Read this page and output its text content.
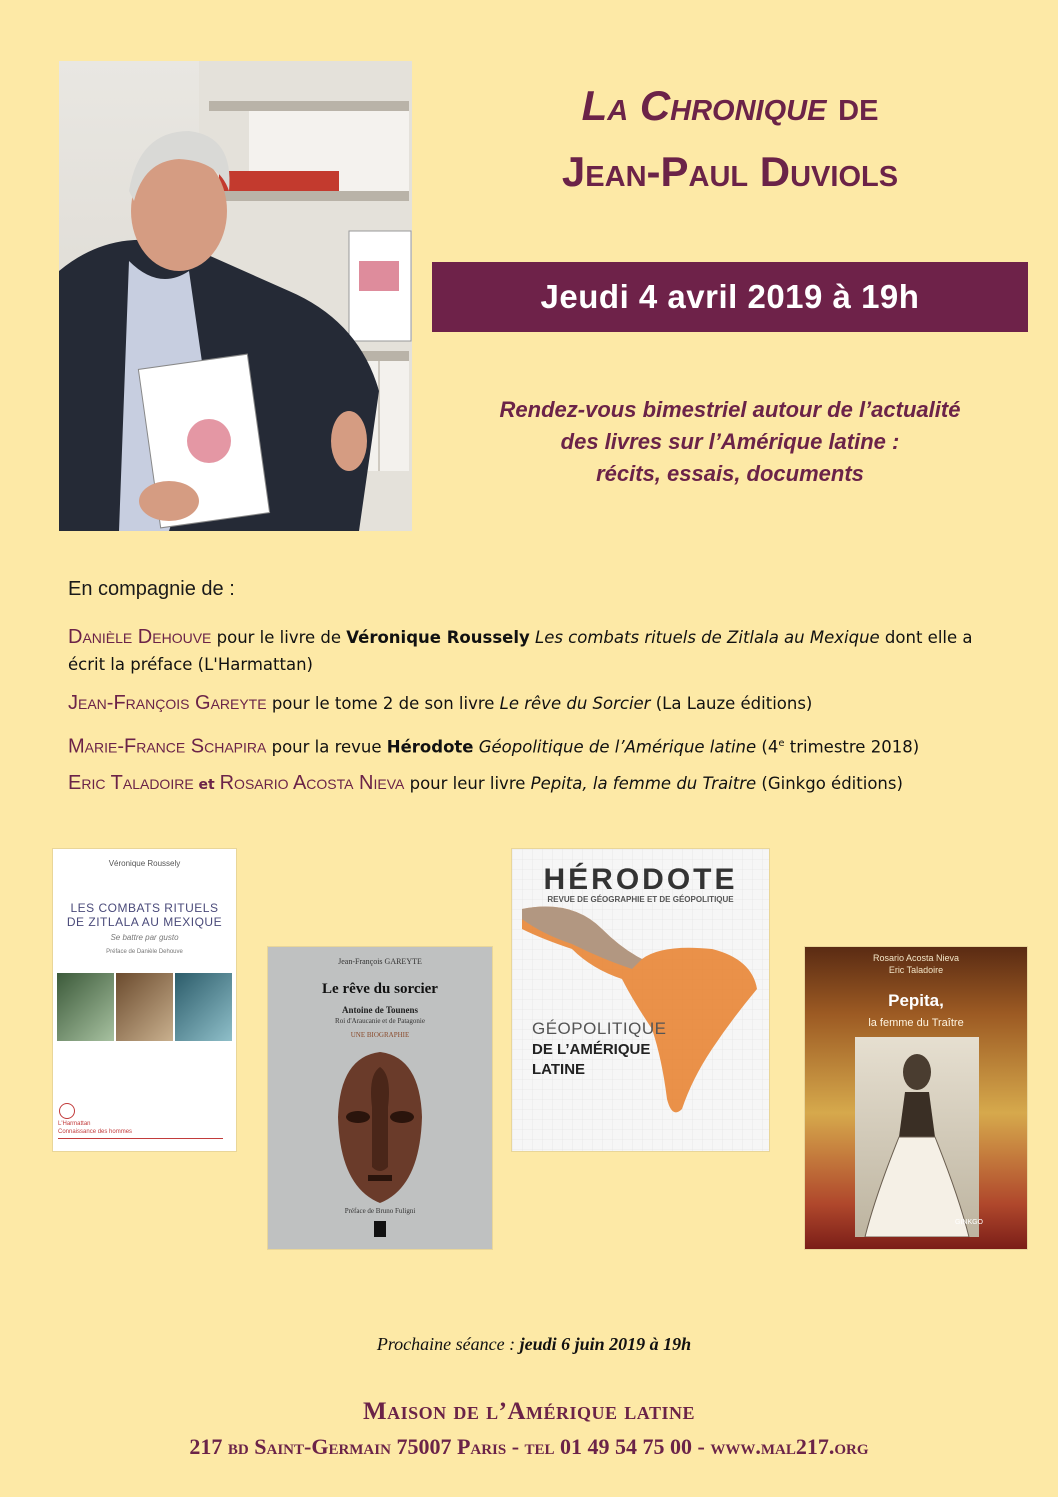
La Chronique de
Jean-Paul Duviols
Jeudi 4 avril 2019 à 19h
Rendez-vous bimestriel autour de l’actualité
des livres sur l’Amérique latine :
récits, essais, documents
En compagnie de :
Danièle Dehouve pour le livre de Véronique Roussely Les combats rituels de Zitlala au Mexique dont elle a écrit la préface (L'Harmattan)
Jean-François Gareyte pour le tome 2 de son livre Le rêve du Sorcier (La Lauze éditions)
Marie-France Schapira pour la revue Hérodote Géopolitique de l’Amérique latine (4e trimestre 2018)
Eric Taladoire et Rosario Acosta Nieva pour leur livre Pepita, la femme du Traitre (Ginkgo éditions)
Véronique Roussely
LES COMBATS RITUELS
DE ZITLALA AU MEXIQUE
Se battre par gusto
Préface de Danièle Dehouve
L'Harmattan
Connaissance des hommes
Jean-François GAREYTE
Le rêve du sorcier
Antoine de Tounens
Roi d'Araucanie et de Patagonie
UNE BIOGRAPHIE
Préface de Bruno Fuligni
HÉRODOTE
REVUE DE GÉOGRAPHIE ET DE GÉOPOLITIQUE
GÉOPOLITIQUE
DE L’AMÉRIQUE
LATINE
Rosario Acosta Nieva
Eric Taladoire
Pepita,
la femme du Traître
GINKGO
Prochaine séance : jeudi 6 juin 2019 à 19h
Maison de l’Amérique latine
217 bd Saint-Germain 75007 Paris - tel 01 49 54 75 00 - www.mal217.org
